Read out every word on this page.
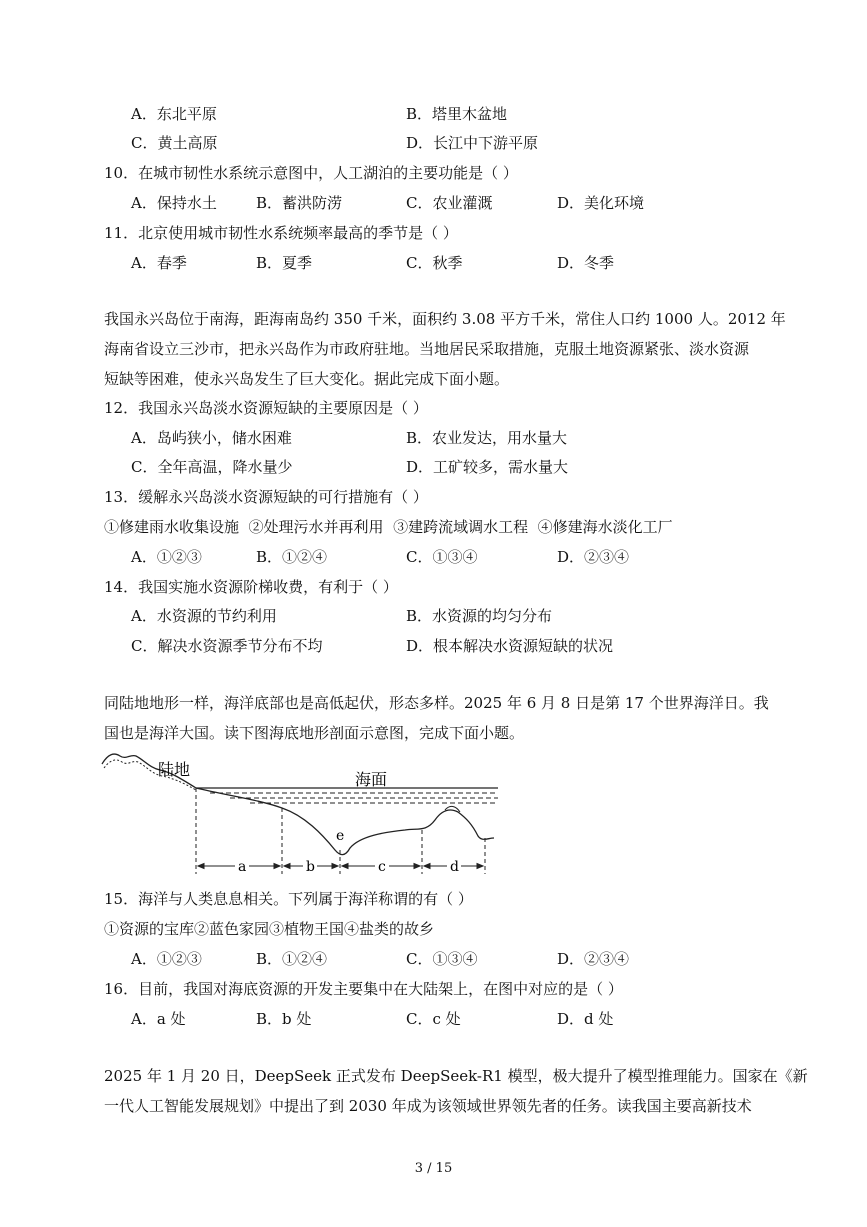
A．东北平原	B．塔里木盆地
C．黄土高原	D．长江中下游平原
10．在城市韧性水系统示意图中，人工湖泊的主要功能是（ ）
A．保持水土	B．蓄洪防涝	C．农业灌溉	D．美化环境
11．北京使用城市韧性水系统频率最高的季节是（ ）
A．春季	B．夏季	C．秋季	D．冬季
我国永兴岛位于南海，距海南岛约 350 千米，面积约 3.08 平方千米，常住人口约 1000 人。2012 年
海南省设立三沙市，把永兴岛作为市政府驻地。当地居民采取措施，克服土地资源紧张、淡水资源
短缺等困难，使永兴岛发生了巨大变化。据此完成下面小题。
12．我国永兴岛淡水资源短缺的主要原因是（ ）
A．岛屿狭小，储水困难	B．农业发达，用水量大
C．全年高温，降水量少	D．工矿较多，需水量大
13．缓解永兴岛淡水资源短缺的可行措施有（ ）
①修建雨水收集设施  ②处理污水并再利用  ③建跨流域调水工程  ④修建海水淡化工厂
A．①②③	B．①②④	C．①③④	D．②③④
14．我国实施水资源阶梯收费，有利于（ ）
A．水资源的节约利用	B．水资源的均匀分布
C．解决水资源季节分布不均	D．根本解决水资源短缺的状况
同陆地地形一样，海洋底部也是高低起伏，形态多样。2025 年 6 月 8 日是第 17 个世界海洋日。我
国也是海洋大国。读下图海底地形剖面示意图，完成下面小题。
陆地
海面
e
a	b	c	d
15．海洋与人类息息相关。下列属于海洋称谓的有（ ）
①资源的宝库②蓝色家园③植物王国④盐类的故乡
A．①②③	B．①②④	C．①③④	D．②③④
16．目前，我国对海底资源的开发主要集中在大陆架上，在图中对应的是（ ）
A．a 处	B．b 处	C．c 处	D．d 处
2025 年 1 月 20 日，DeepSeek 正式发布 DeepSeek-R1 模型，极大提升了模型推理能力。国家在《新
一代人工智能发展规划》中提出了到 2030 年成为该领域世界领先者的任务。读我国主要高新技术
3 / 15
